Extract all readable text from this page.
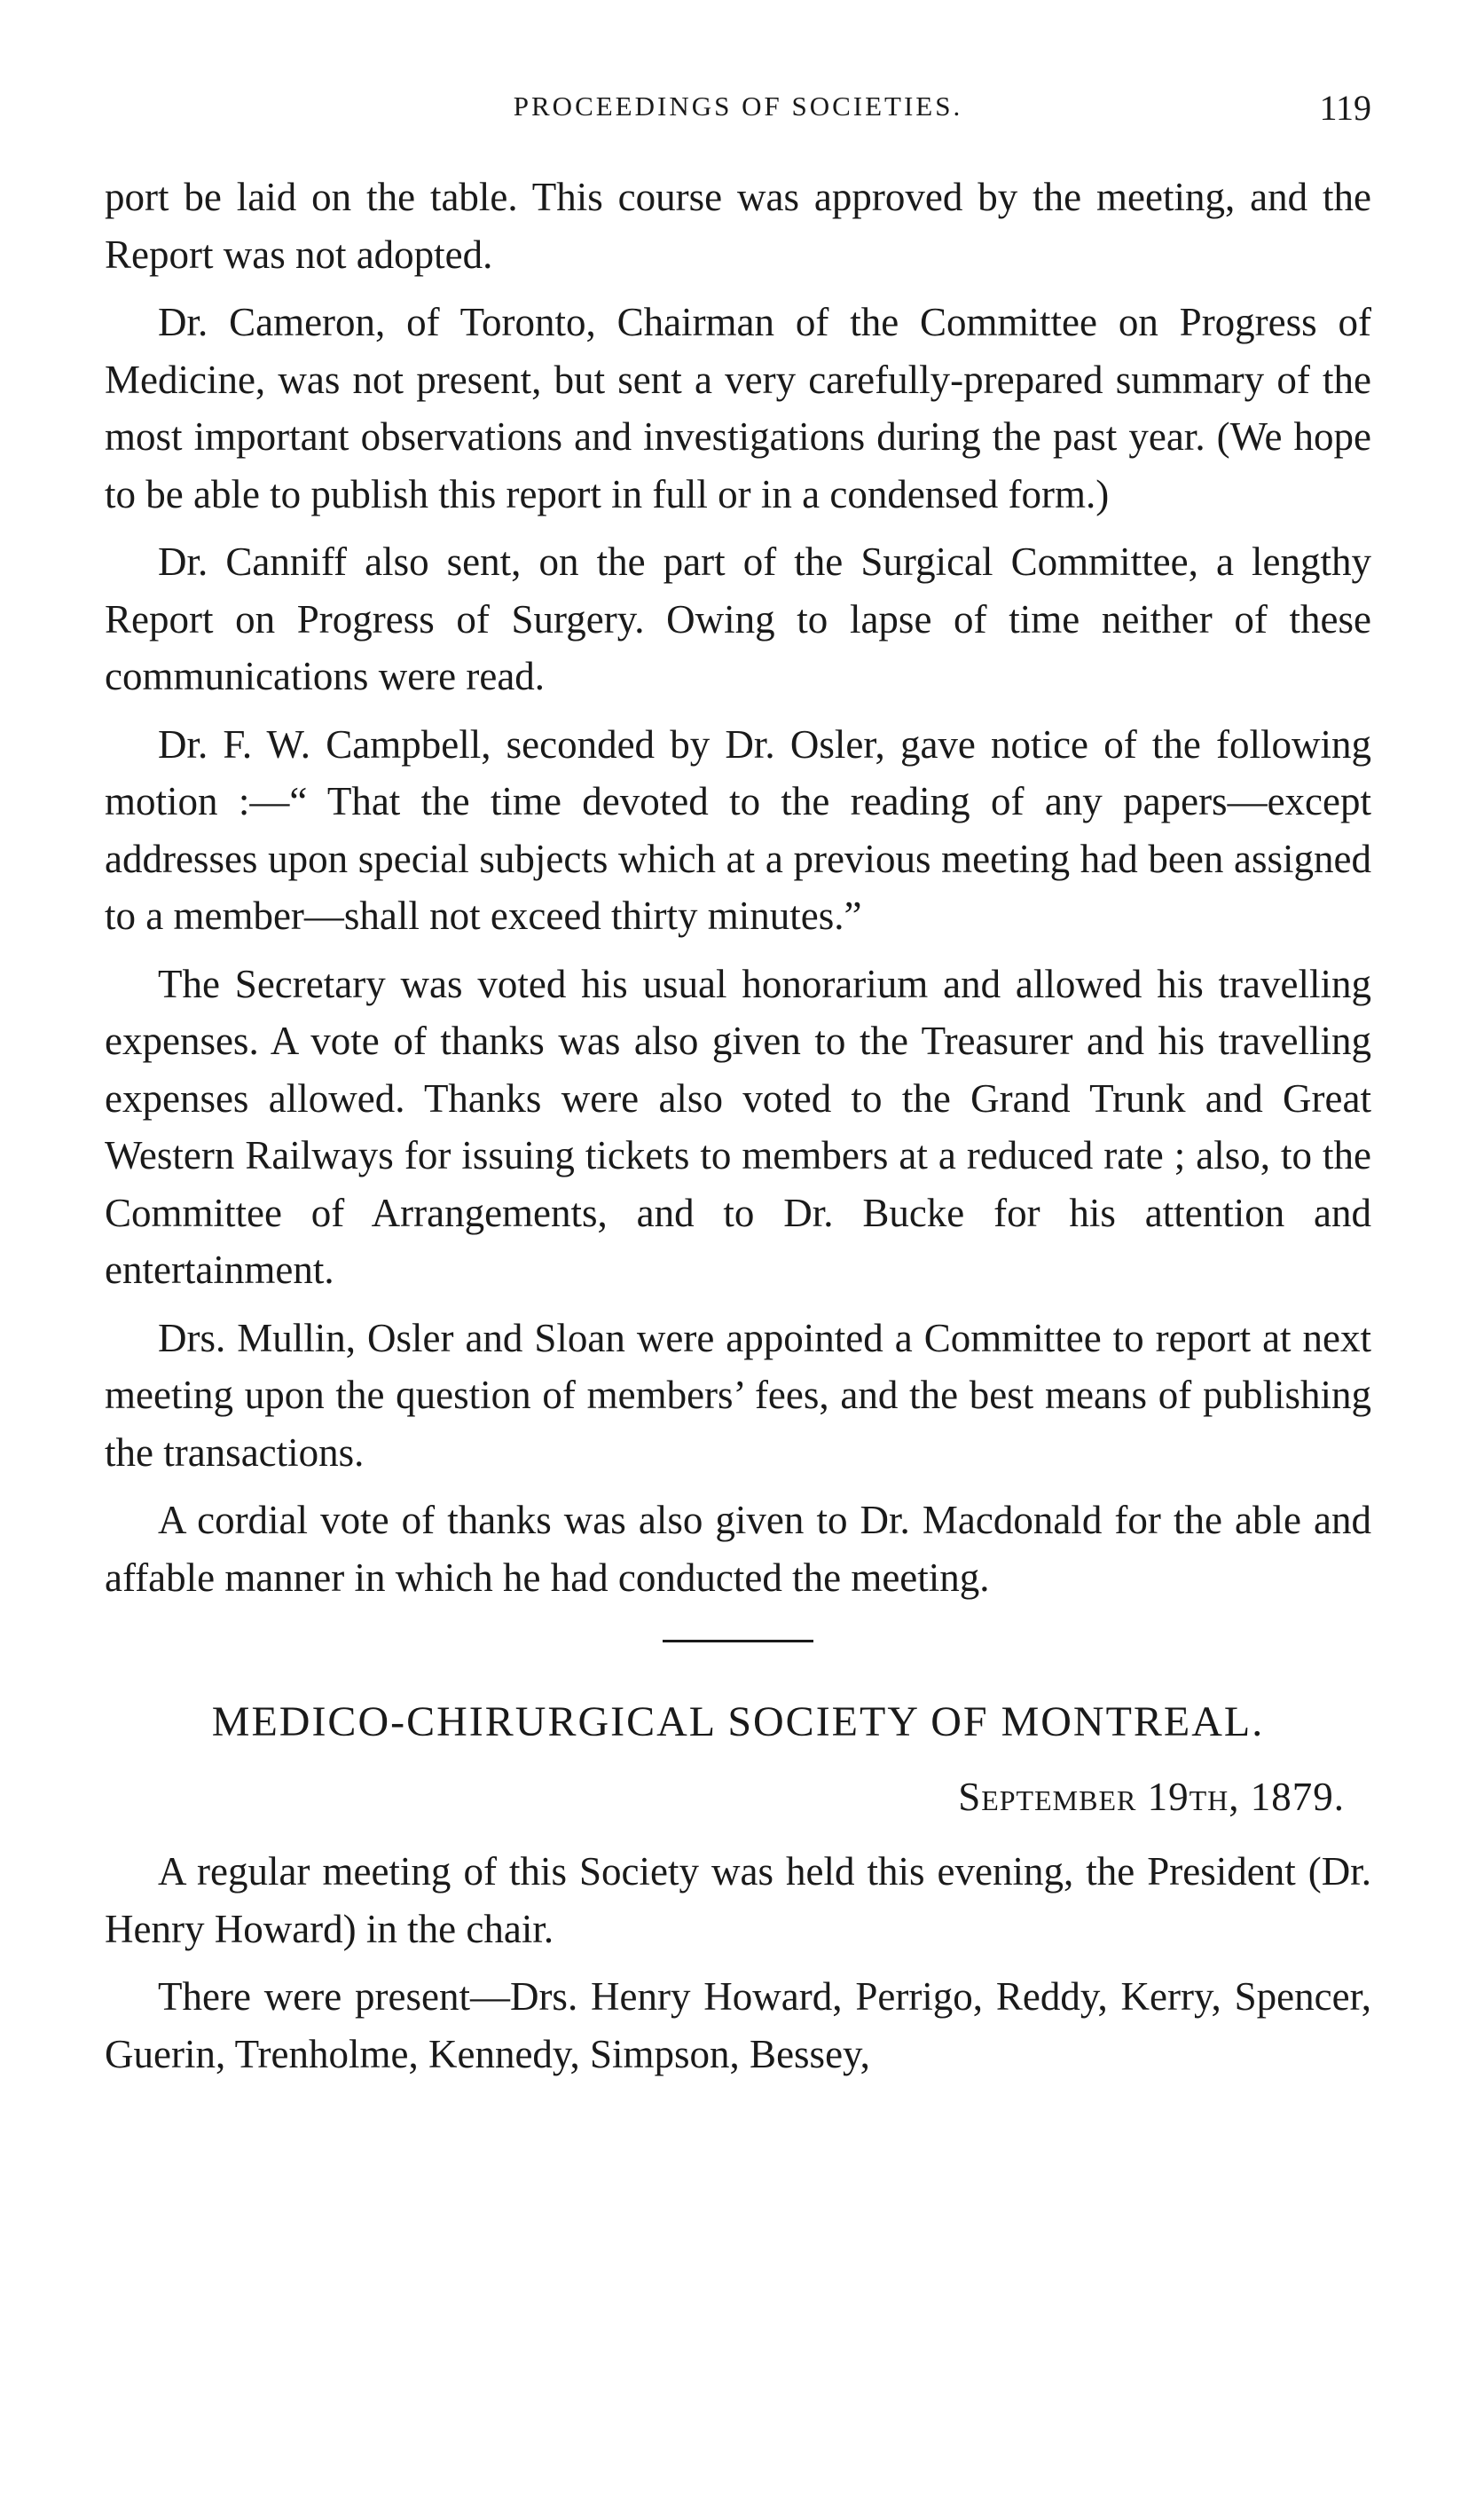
PROCEEDINGS OF SOCIETIES.	119

port be laid on the table. This course was approved by the meeting, and the Report was not adopted.

Dr. Cameron, of Toronto, Chairman of the Committee on Progress of Medicine, was not present, but sent a very carefully-prepared summary of the most important observations and investigations during the past year. (We hope to be able to publish this report in full or in a condensed form.)

Dr. Canniff also sent, on the part of the Surgical Committee, a lengthy Report on Progress of Surgery. Owing to lapse of time neither of these communications were read.

Dr. F. W. Campbell, seconded by Dr. Osler, gave notice of the following motion :—“ That the time devoted to the reading of any papers—except addresses upon special subjects which at a previous meeting had been assigned to a member—shall not exceed thirty minutes.”

The Secretary was voted his usual honorarium and allowed his travelling expenses. A vote of thanks was also given to the Treasurer and his travelling expenses allowed. Thanks were also voted to the Grand Trunk and Great Western Railways for issuing tickets to members at a reduced rate ; also, to the Committee of Arrangements, and to Dr. Bucke for his attention and entertainment.

Drs. Mullin, Osler and Sloan were appointed a Committee to report at next meeting upon the question of members’ fees, and the best means of publishing the transactions.

A cordial vote of thanks was also given to Dr. Macdonald for the able and affable manner in which he had conducted the meeting.

MEDICO-CHIRURGICAL SOCIETY OF MONTREAL.
September 19th, 1879.

A regular meeting of this Society was held this evening, the President (Dr. Henry Howard) in the chair.

There were present—Drs. Henry Howard, Perrigo, Reddy, Kerry, Spencer, Guerin, Trenholme, Kennedy, Simpson, Bessey,
